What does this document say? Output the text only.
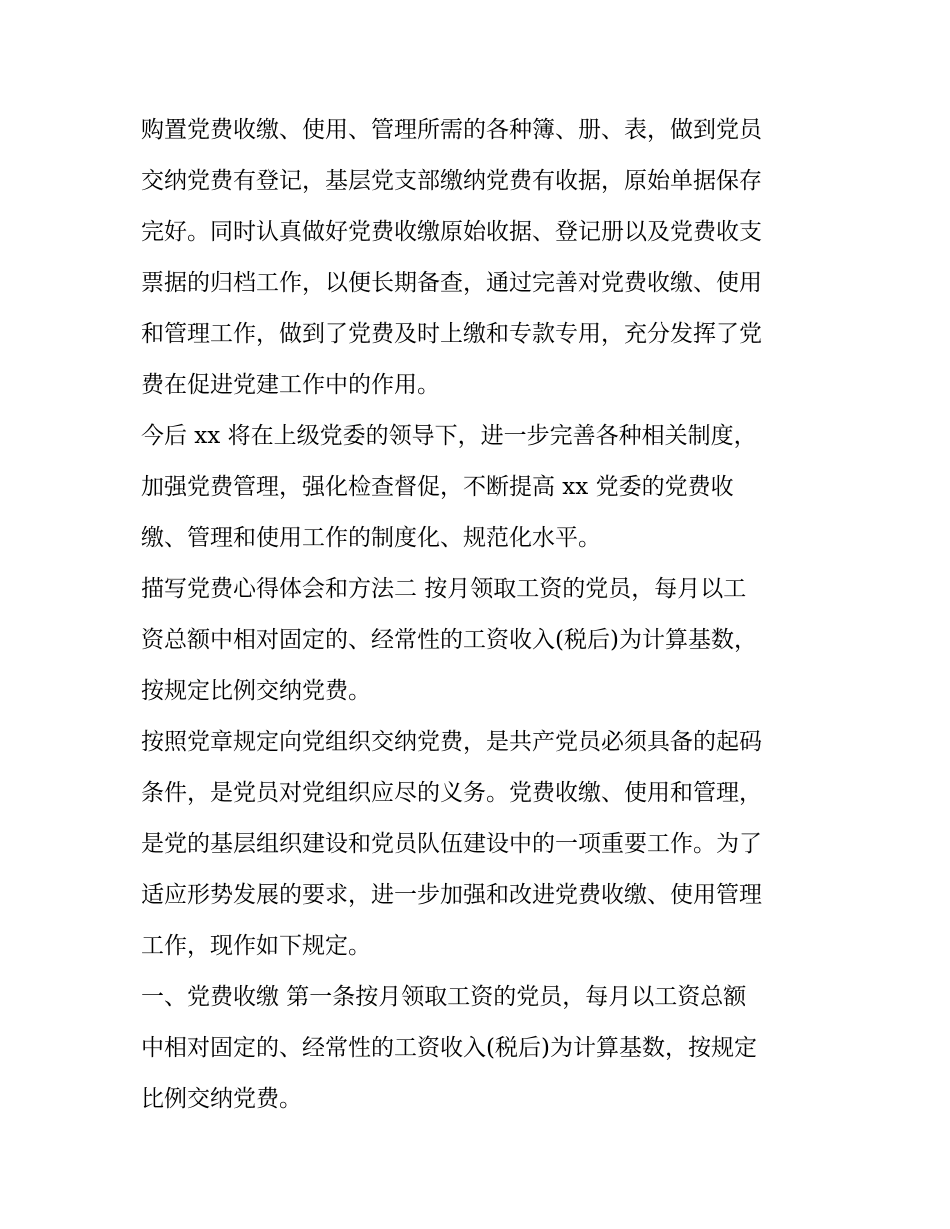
购置党费收缴、使用、管理所需的各种簿、册、表，做到党员
交纳党费有登记，基层党支部缴纳党费有收据，原始单据保存
完好。同时认真做好党费收缴原始收据、登记册以及党费收支
票据的归档工作，以便长期备查，通过完善对党费收缴、使用
和管理工作，做到了党费及时上缴和专款专用，充分发挥了党
费在促进党建工作中的作用。
今后 xx 将在上级党委的领导下，进一步完善各种相关制度，
加强党费管理，强化检查督促，不断提高 xx 党委的党费收
缴、管理和使用工作的制度化、规范化水平。
描写党费心得体会和方法二 按月领取工资的党员，每月以工
资总额中相对固定的、经常性的工资收入(税后)为计算基数，
按规定比例交纳党费。
按照党章规定向党组织交纳党费，是共产党员必须具备的起码
条件，是党员对党组织应尽的义务。党费收缴、使用和管理，
是党的基层组织建设和党员队伍建设中的一项重要工作。为了
适应形势发展的要求，进一步加强和改进党费收缴、使用管理
工作，现作如下规定。
一、党费收缴 第一条按月领取工资的党员，每月以工资总额
中相对固定的、经常性的工资收入(税后)为计算基数，按规定
比例交纳党费。
